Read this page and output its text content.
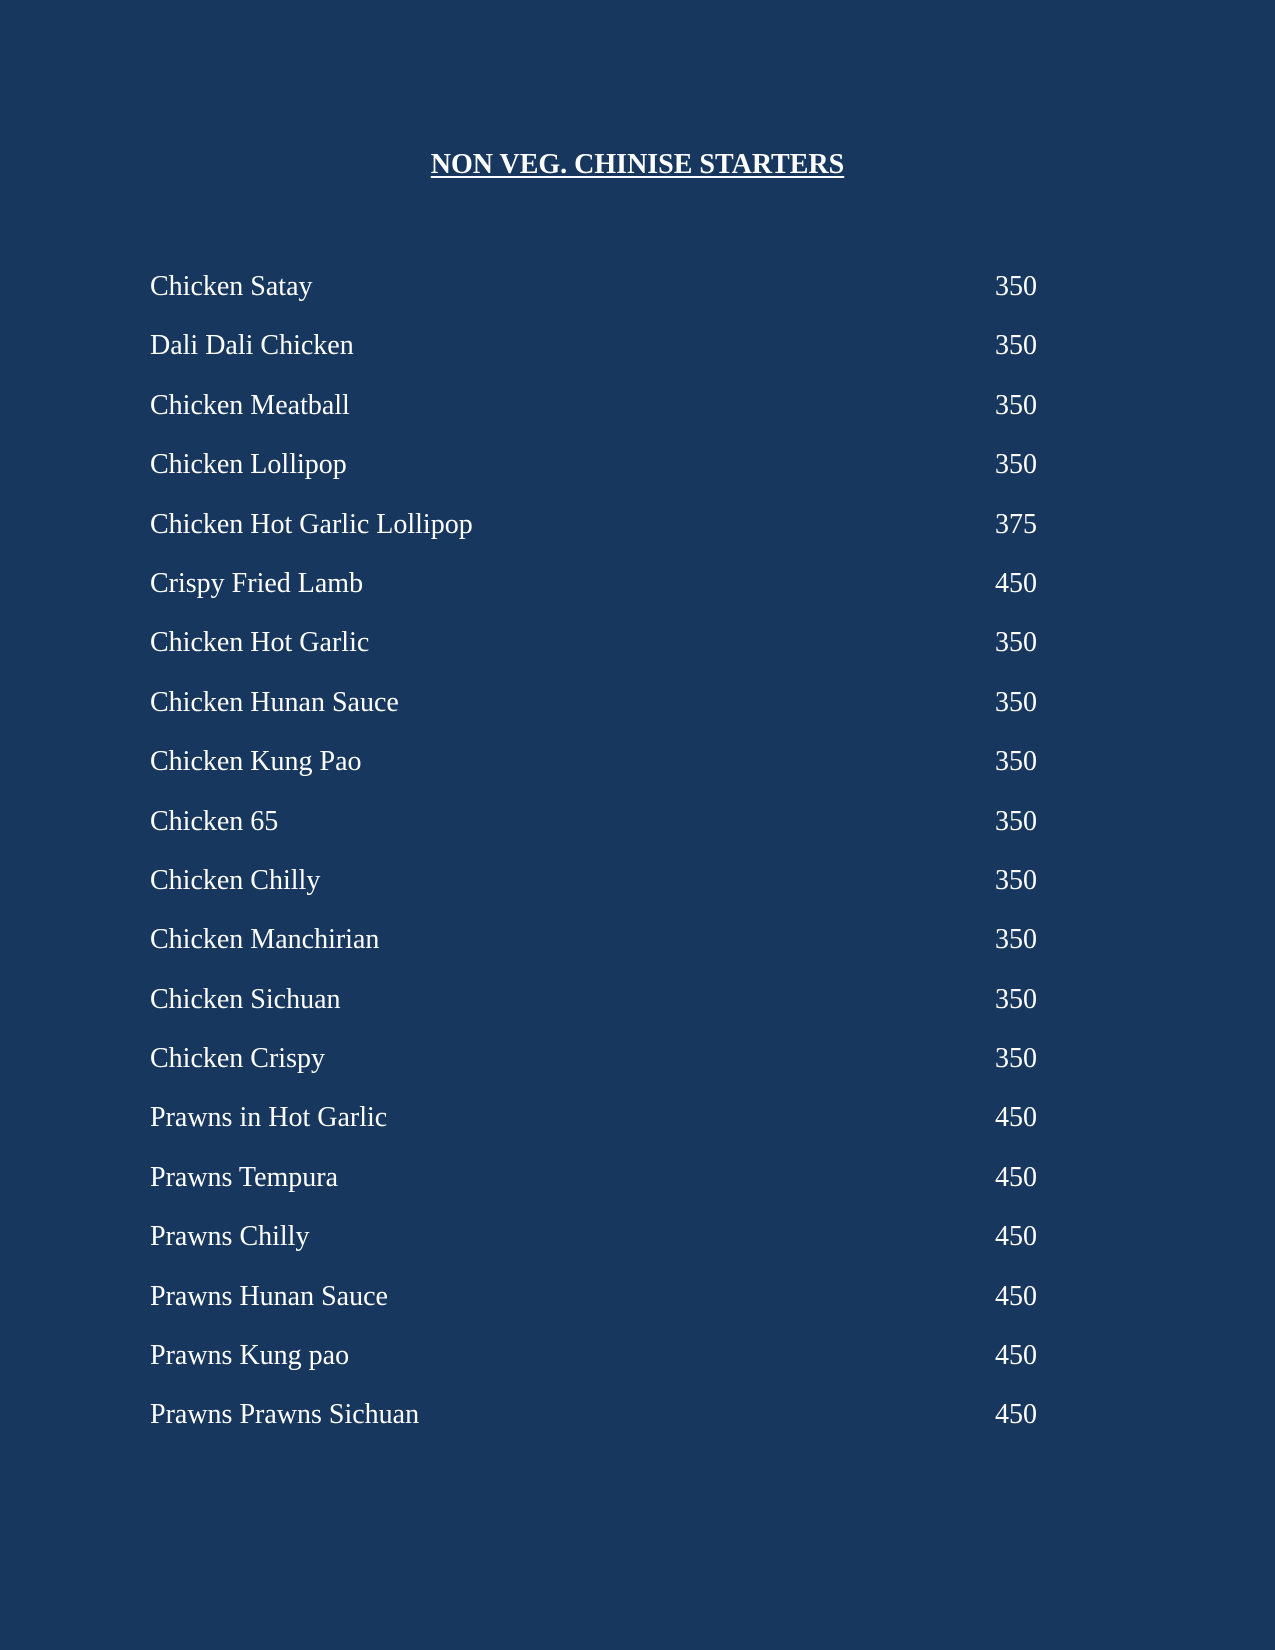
NON VEG. CHINISE STARTERS
Chicken Satay	350
Dali Dali Chicken	350
Chicken Meatball	350
Chicken Lollipop	350
Chicken Hot Garlic Lollipop	375
Crispy Fried Lamb	450
Chicken Hot Garlic	350
Chicken Hunan Sauce	350
Chicken Kung Pao	350
Chicken 65	350
Chicken Chilly	350
Chicken Manchirian	350
Chicken Sichuan	350
Chicken Crispy	350
Prawns in Hot Garlic	450
Prawns Tempura	450
Prawns Chilly	450
Prawns Hunan Sauce	450
Prawns Kung pao	450
Prawns Prawns Sichuan	450
